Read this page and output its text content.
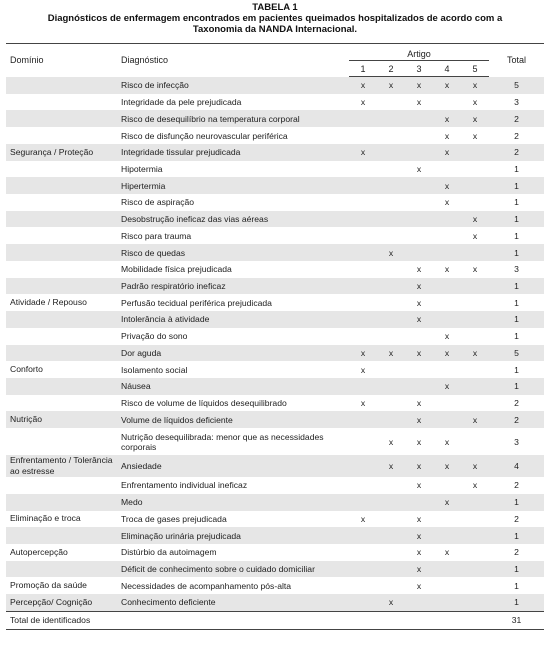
TABELA 1
Diagnósticos de enfermagem encontrados em pacientes queimados hospitalizados de acordo com a
Taxonomia da NANDA Internacional.
Domínio	Diagnóstico	Artigo					Total
		1	2	3	4	5	
	Risco de infecção	x	x	x	x	x	5
	Integridade da pele prejudicada	x		x		x	3
	Risco de desequilíbrio na temperatura corporal				x	x	2
	Risco de disfunção neurovascular periférica				x	x	2
Segurança / Proteção	Integridade tissular prejudicada	x			x		2
	Hipotermia			x			1
	Hipertermia				x		1
	Risco de aspiração				x		1
	Desobstrução ineficaz das vias aéreas					x	1
	Risco para trauma					x	1
	Risco de quedas		x				1
	Mobilidade física prejudicada			x	x	x	3
	Padrão respiratório ineficaz			x			1
Atividade / Repouso	Perfusão tecidual periférica prejudicada			x			1
	Intolerância à atividade			x			1
	Privação do sono				x		1
	Dor aguda	x	x	x	x	x	5
Conforto	Isolamento social	x					1
	Náusea				x		1
	Risco de volume de líquidos desequilibrado	x		x			2
Nutrição	Volume de líquidos deficiente			x		x	2
	Nutrição desequilibrada: menor que as necessidades corporais		x	x	x		3
Enfrentamento / Tolerância ao estresse	Ansiedade		x	x	x	x	4
	Enfrentamento individual ineficaz			x		x	2
	Medo				x		1
Eliminação e troca	Troca de gases prejudicada	x		x			2
	Eliminação urinária prejudicada			x			1
Autopercepção	Distúrbio da autoimagem			x	x		2
	Déficit de conhecimento sobre o cuidado domiciliar			x			1
Promoção da saúde	Necessidades de acompanhamento pós-alta			x			1
Percepção/ Cognição	Conhecimento deficiente		x				1
Total de identificados							31
